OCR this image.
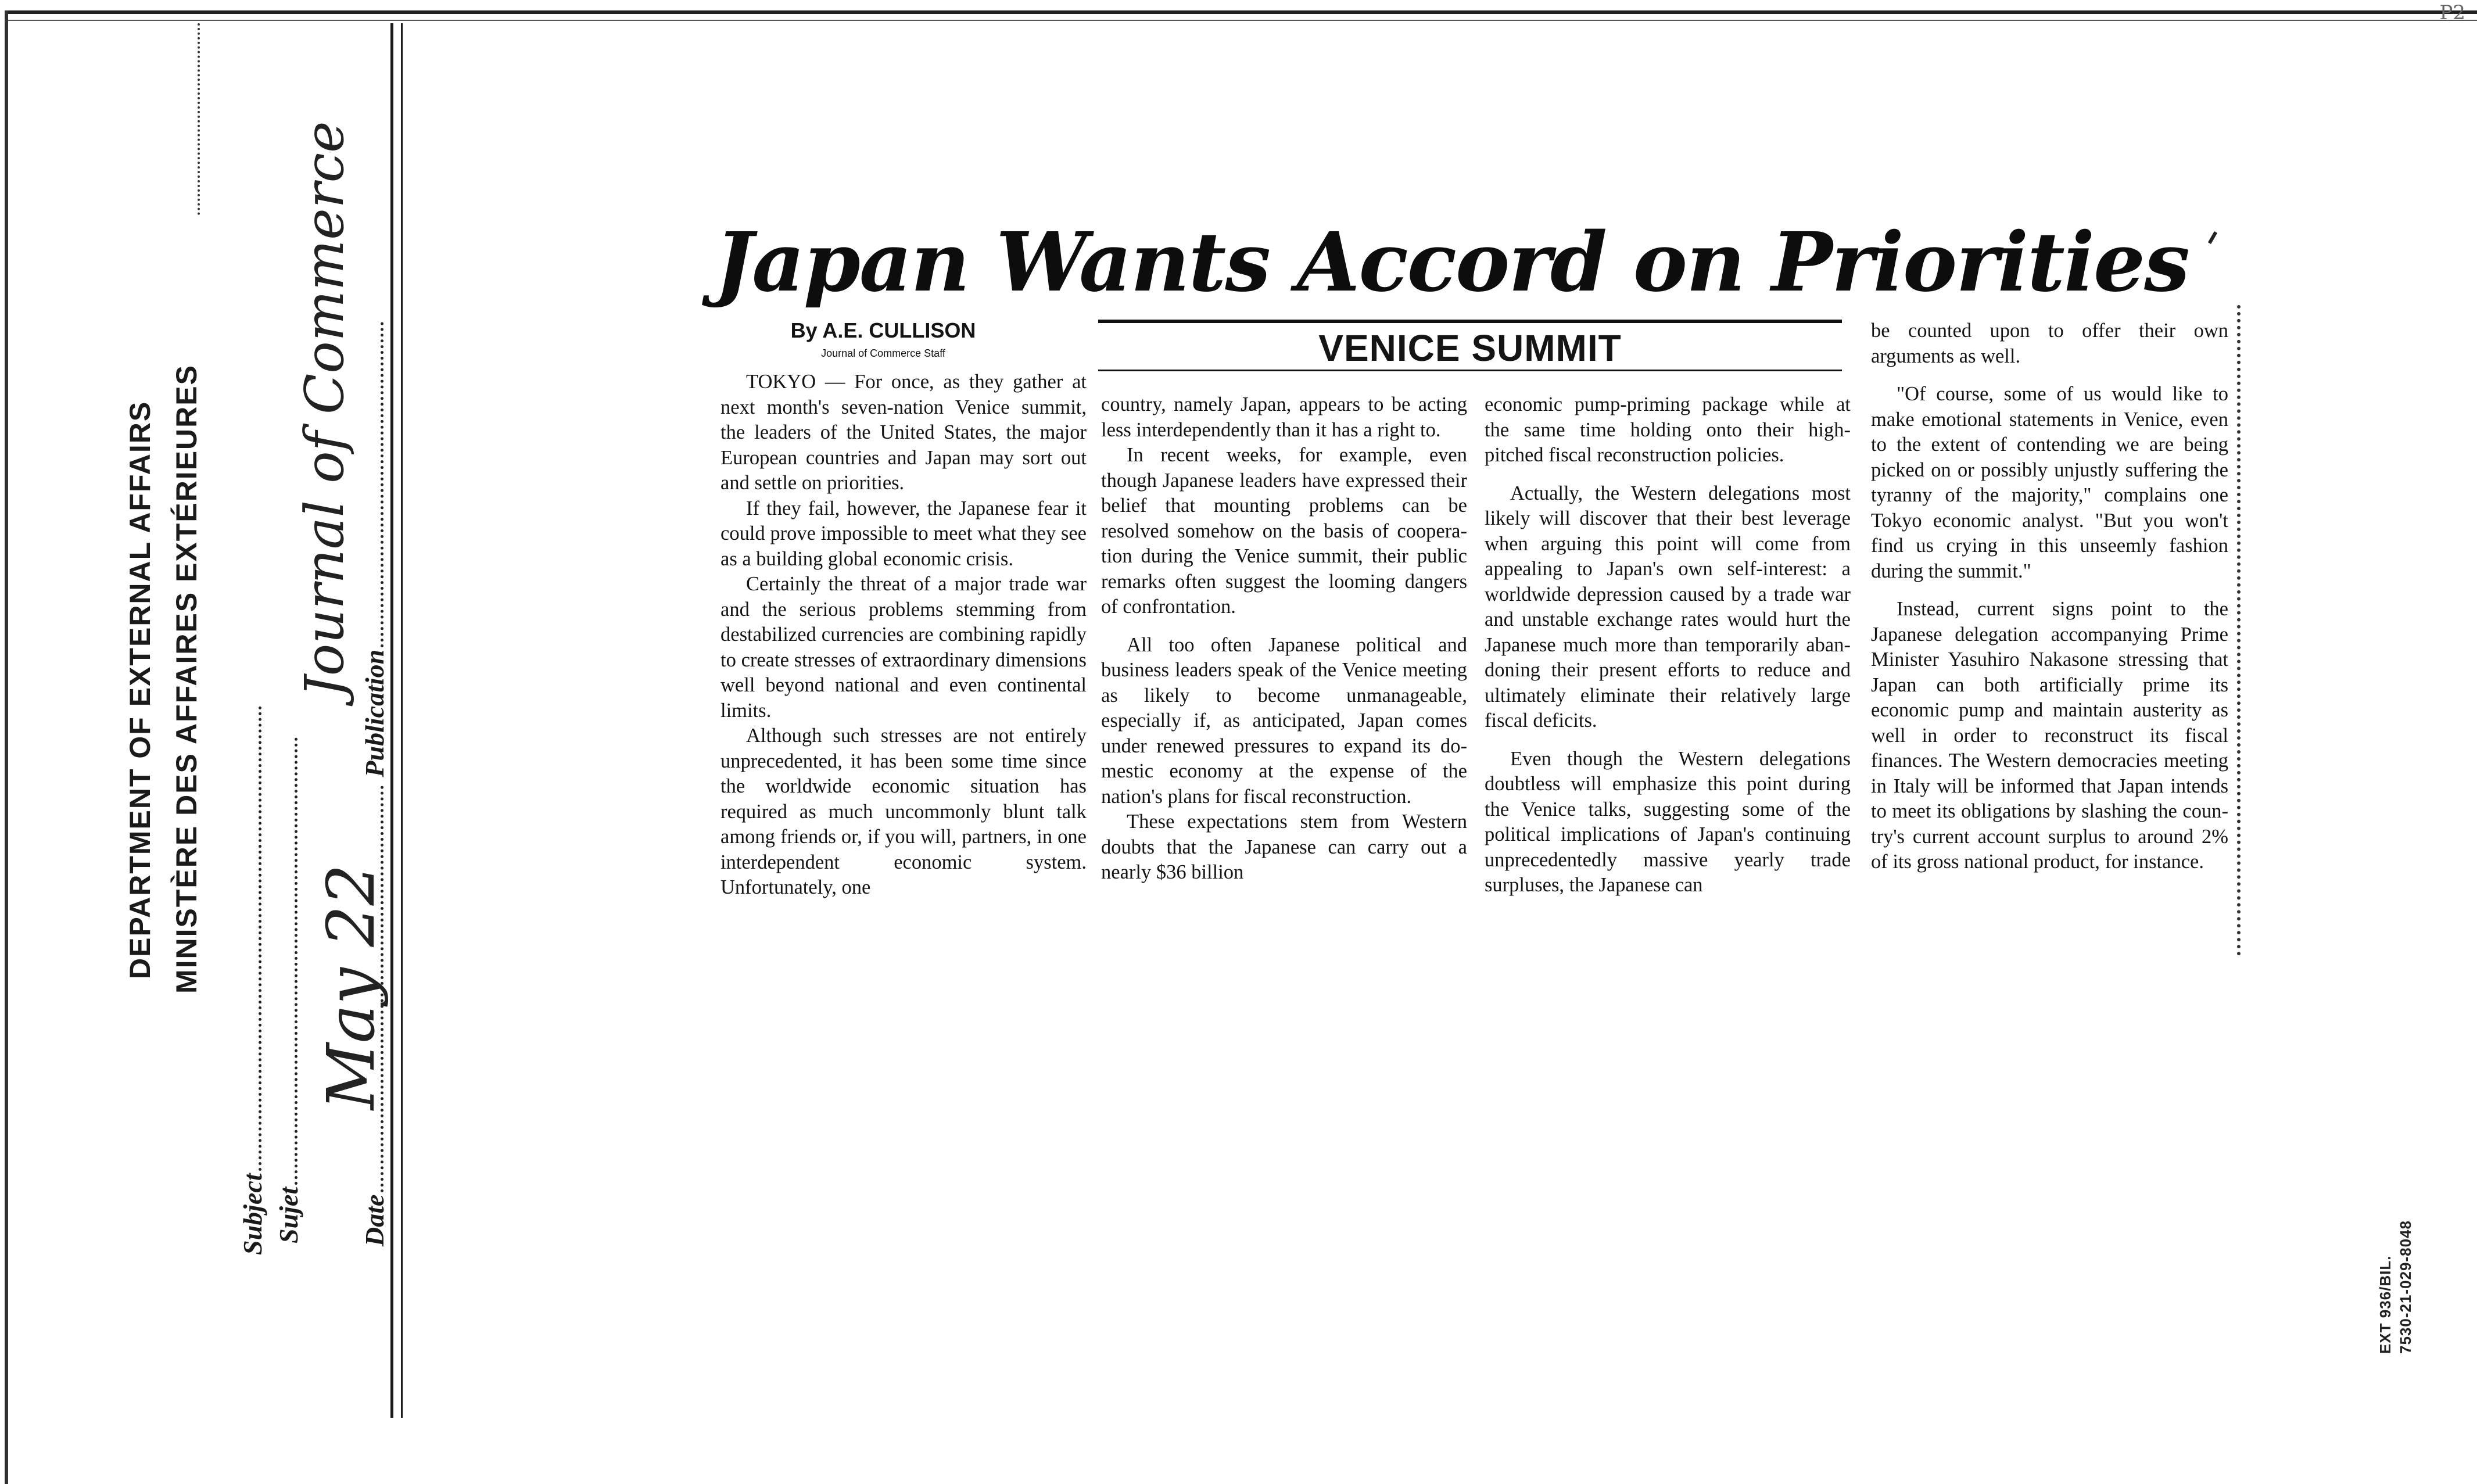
P2
DEPARTMENT OF EXTERNAL AFFAIRS MINISTÈRE DES AFFAIRES EXTÉRIEURES
Subject Sujet Date  Publication
May 22
Journal of Commerce	Japan Wants Accord on Priorities
By A.E. CULLISON
Journal of Commerce Staff	VENICE SUMMIT

TOKYO — For once, as they gather at next month's seven-nation Venice summit, the leaders of the United States, the major European countries and Japan may sort out and settle on priorities.

If they fail, however, the Japanese fear it could prove impossible to meet what they see as a building global economic crisis.

Certainly the threat of a major trade war and the serious problems stemming from destabilized currencies are combining rapidly to create stresses of extraordinary dimensions well beyond national and even continental limits.

Although such stresses are not entirely unprecedented, it has been some time since the worldwide economic situation has required as much uncommonly blunt talk among friends or, if you will, partners, in one interdependent economic system. Unfortunately, one

country, namely Japan, appears to be acting less interdependently than it has a right to.

In recent weeks, for example, even though Japanese leaders have expressed their belief that mounting problems can be resolved somehow on the basis of cooperation during the Venice summit, their public remarks often suggest the looming dangers of confrontation.

All too often Japanese political and business leaders speak of the Venice meeting as likely to become unmanageable, especially if, as anticipated, Japan comes under renewed pressures to expand its domestic economy at the expense of the nation's plans for fiscal reconstruction.

These expectations stem from Western doubts that the Japanese can carry out a nearly $36 billion

economic pump-priming package while at the same time holding onto their high-pitched fiscal reconstruction policies.

Actually, the Western delegations most likely will discover that their best leverage when arguing this point will come from appealing to Japan's own self-interest: a worldwide depression caused by a trade war and unstable exchange rates would hurt the Japanese much more than temporarily abandoning their present efforts to reduce and ultimately eliminate their relatively large fiscal deficits.

Even though the Western delegations doubtless will emphasize this point during the Venice talks, suggesting some of the political implications of Japan's continuing unprecedentedly massive yearly trade surpluses, the Japanese can

be counted upon to offer their own arguments as well.

"Of course, some of us would like to make emotional statements in Venice, even to the extent of contending we are being picked on or possibly unjustly suffering the tyranny of the majority," complains one Tokyo economic analyst. "But you won't find us crying in this unseemly fashion during the summit."

Instead, current signs point to the Japanese delegation accompanying Prime Minister Yasuhiro Nakasone stressing that Japan can both artificially prime its economic pump and maintain austerity as well in order to reconstruct its fiscal finances. The Western democracies meeting in Italy will be informed that Japan intends to meet its obligations by slashing the country's current account surplus to around 2% of its gross national product, for instance.

EXT 936/BIL. 7530-21-029-8048
